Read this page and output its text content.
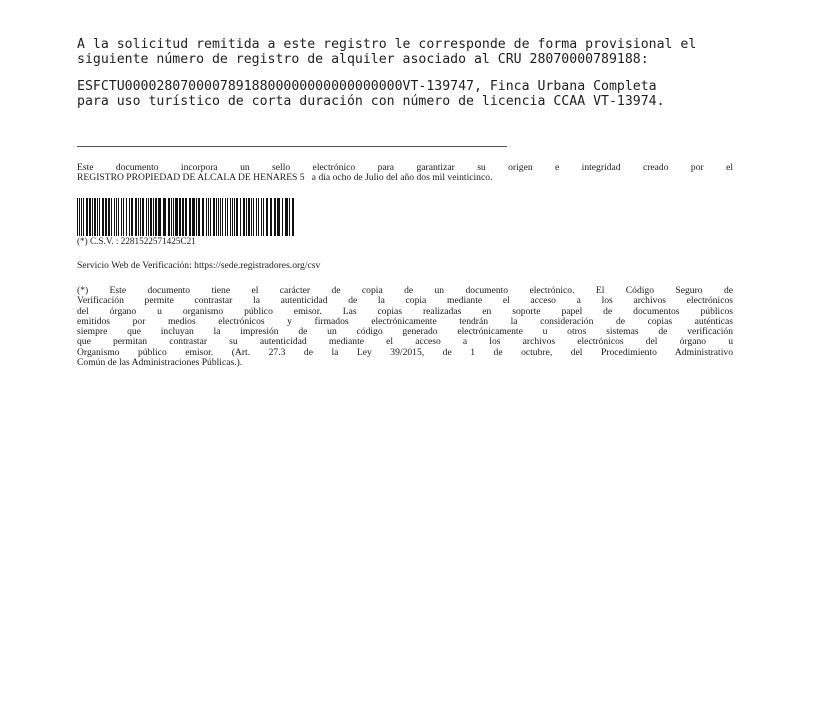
A la solicitud remitida a este registro le corresponde de forma provisional el
siguiente número de registro de alquiler asociado al CRU 28070000789188:
ESFCTU00002807000078918800000000000000000VT-139747, Finca Urbana Completa
para uso turístico de corta duración con número de licencia CCAA VT-13974.
Este documento incorpora un sello electrónico para garantizar su origen e integridad creado por el
REGISTRO PROPIEDAD DE ALCALA DE HENARES 5   a día ocho de Julio del año dos mil veinticinco.
(*) C.S.V. : 2281522571425C21
Servicio Web de Verificación: https://sede.registradores.org/csv
(*) Este documento tiene el carácter de copia de un documento electrónico. El Código Seguro de
Verificación permite contrastar la autenticidad de la copia mediante el acceso a los archivos electrónicos
del órgano u organismo público emisor. Las copias realizadas en soporte papel de documentos públicos
emitidos por medios electrónicos y firmados electrónicamente tendrán la consideración de copias auténticas
siempre que incluyan la impresión de un código generado electrónicamente u otros sistemas de verificación
que permitan contrastar su autenticidad mediante el acceso a los archivos electrónicos del órgano u
Organismo público emisor. (Art. 27.3 de la Ley 39/2015, de 1 de octubre, del Procedimiento Administrativo
Común de las Administraciones Públicas.).
